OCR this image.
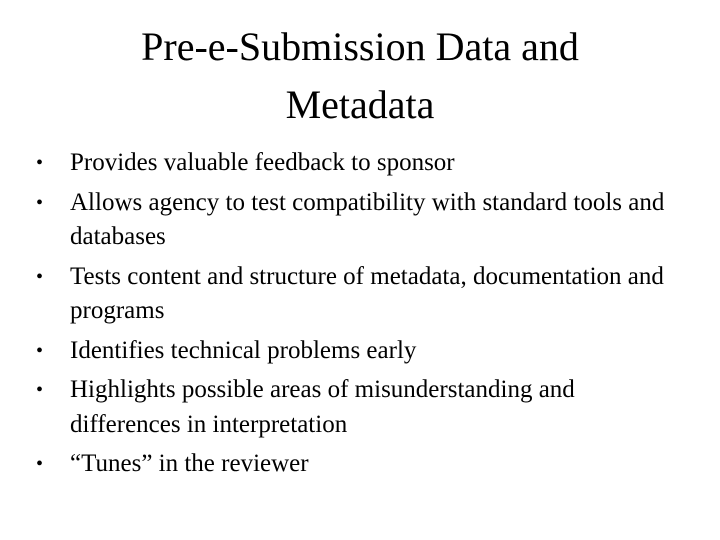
Pre-e-Submission Data and
Metadata
•	Provides valuable feedback to sponsor
•	Allows agency to test compatibility with standard tools and databases
•	Tests content and structure of metadata, documentation and programs
•	Identifies technical problems early
•	Highlights possible areas of misunderstanding and differences in interpretation
•	“Tunes” in the reviewer
